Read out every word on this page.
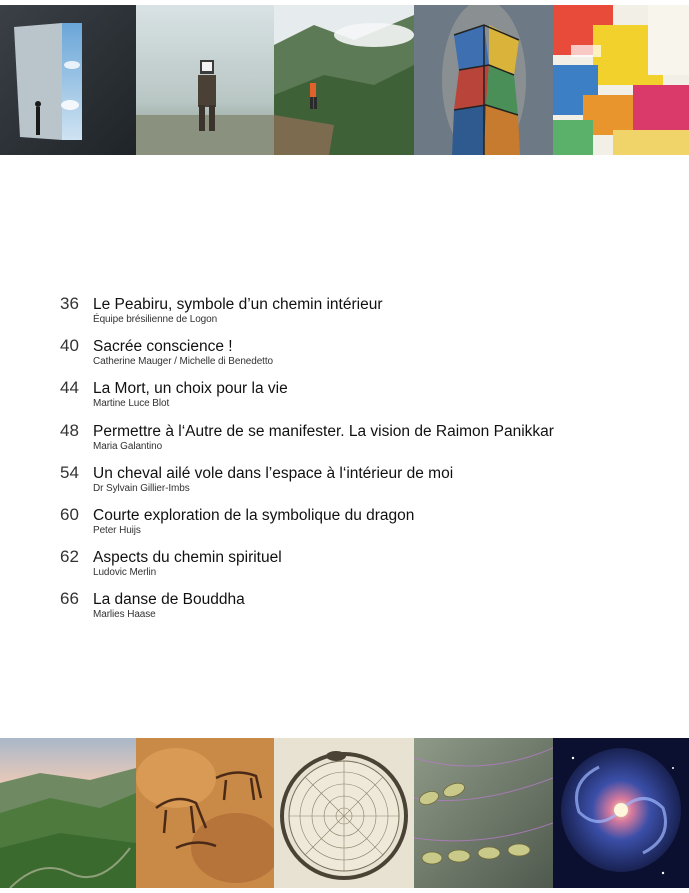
36 Le Peabiru, symbole d’un chemin intérieur
Équipe brésilienne de Logon
40 Sacrée conscience !
Catherine Mauger / Michelle di Benedetto
44 La Mort, un choix pour la vie
Martine Luce Blot
48 Permettre à l‘Autre de se manifester. La vision de Raimon Panikkar
Maria Galantino
54 Un cheval ailé vole dans l’espace à l‘intérieur de moi
Dr Sylvain Gillier-Imbs
60 Courte exploration de la symbolique du dragon
Peter Huijs
62 Aspects du chemin spirituel
Ludovic Merlin
66 La danse de Bouddha
Marlies Haase
